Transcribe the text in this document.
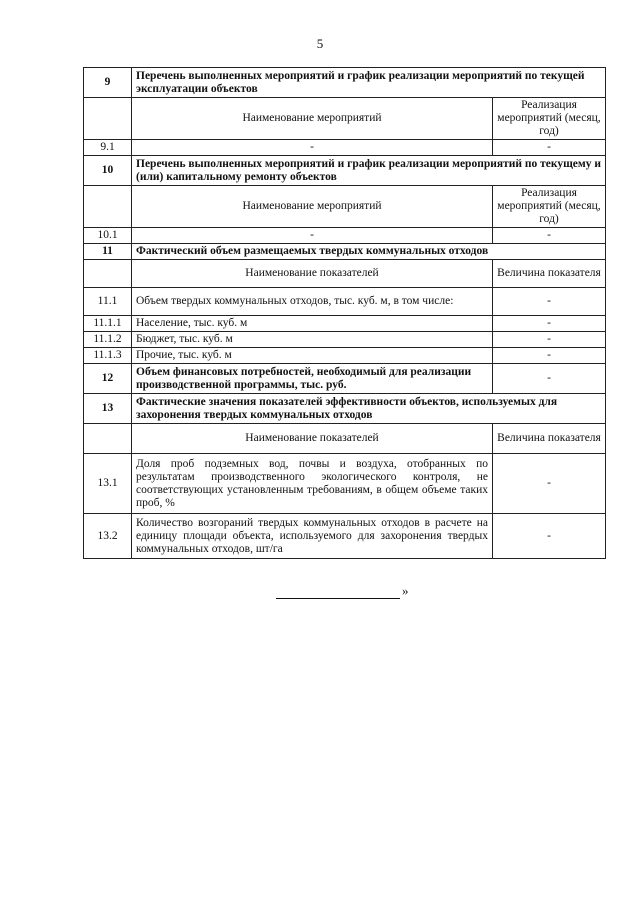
5
9	Перечень выполненных мероприятий и график реализации мероприятий по текущей эксплуатации объектов	
	Наименование мероприятий	Реализация мероприятий (месяц, год)
9.1	-	-
10	Перечень выполненных мероприятий и график реализации мероприятий по текущему и (или) капитальному ремонту объектов	
	Наименование мероприятий	Реализация мероприятий (месяц, год)
10.1	-	-
11	Фактический объем размещаемых твердых коммунальных отходов	
	Наименование показателей	Величина показателя
11.1	Объем твердых коммунальных отходов, тыс. куб. м, в том числе:	-
11.1.1	Население, тыс. куб. м	-
11.1.2	Бюджет, тыс. куб. м	-
11.1.3	Прочие, тыс. куб. м	-
12	Объем финансовых потребностей, необходимый для реализации производственной программы, тыс. руб.	-
13	Фактические значения показателей эффективности объектов, используемых для захоронения твердых коммунальных отходов	
	Наименование показателей	Величина показателя
13.1	Доля проб подземных вод, почвы и воздуха, отобранных по результатам производственного экологического контроля, не соответствующих установленным требованиям, в общем объеме таких проб, %	-
13.2	Количество возгораний твердых коммунальных отходов в расчете на единицу площади объекта, используемого для захоронения твердых коммунальных отходов, шт/га	-
»
